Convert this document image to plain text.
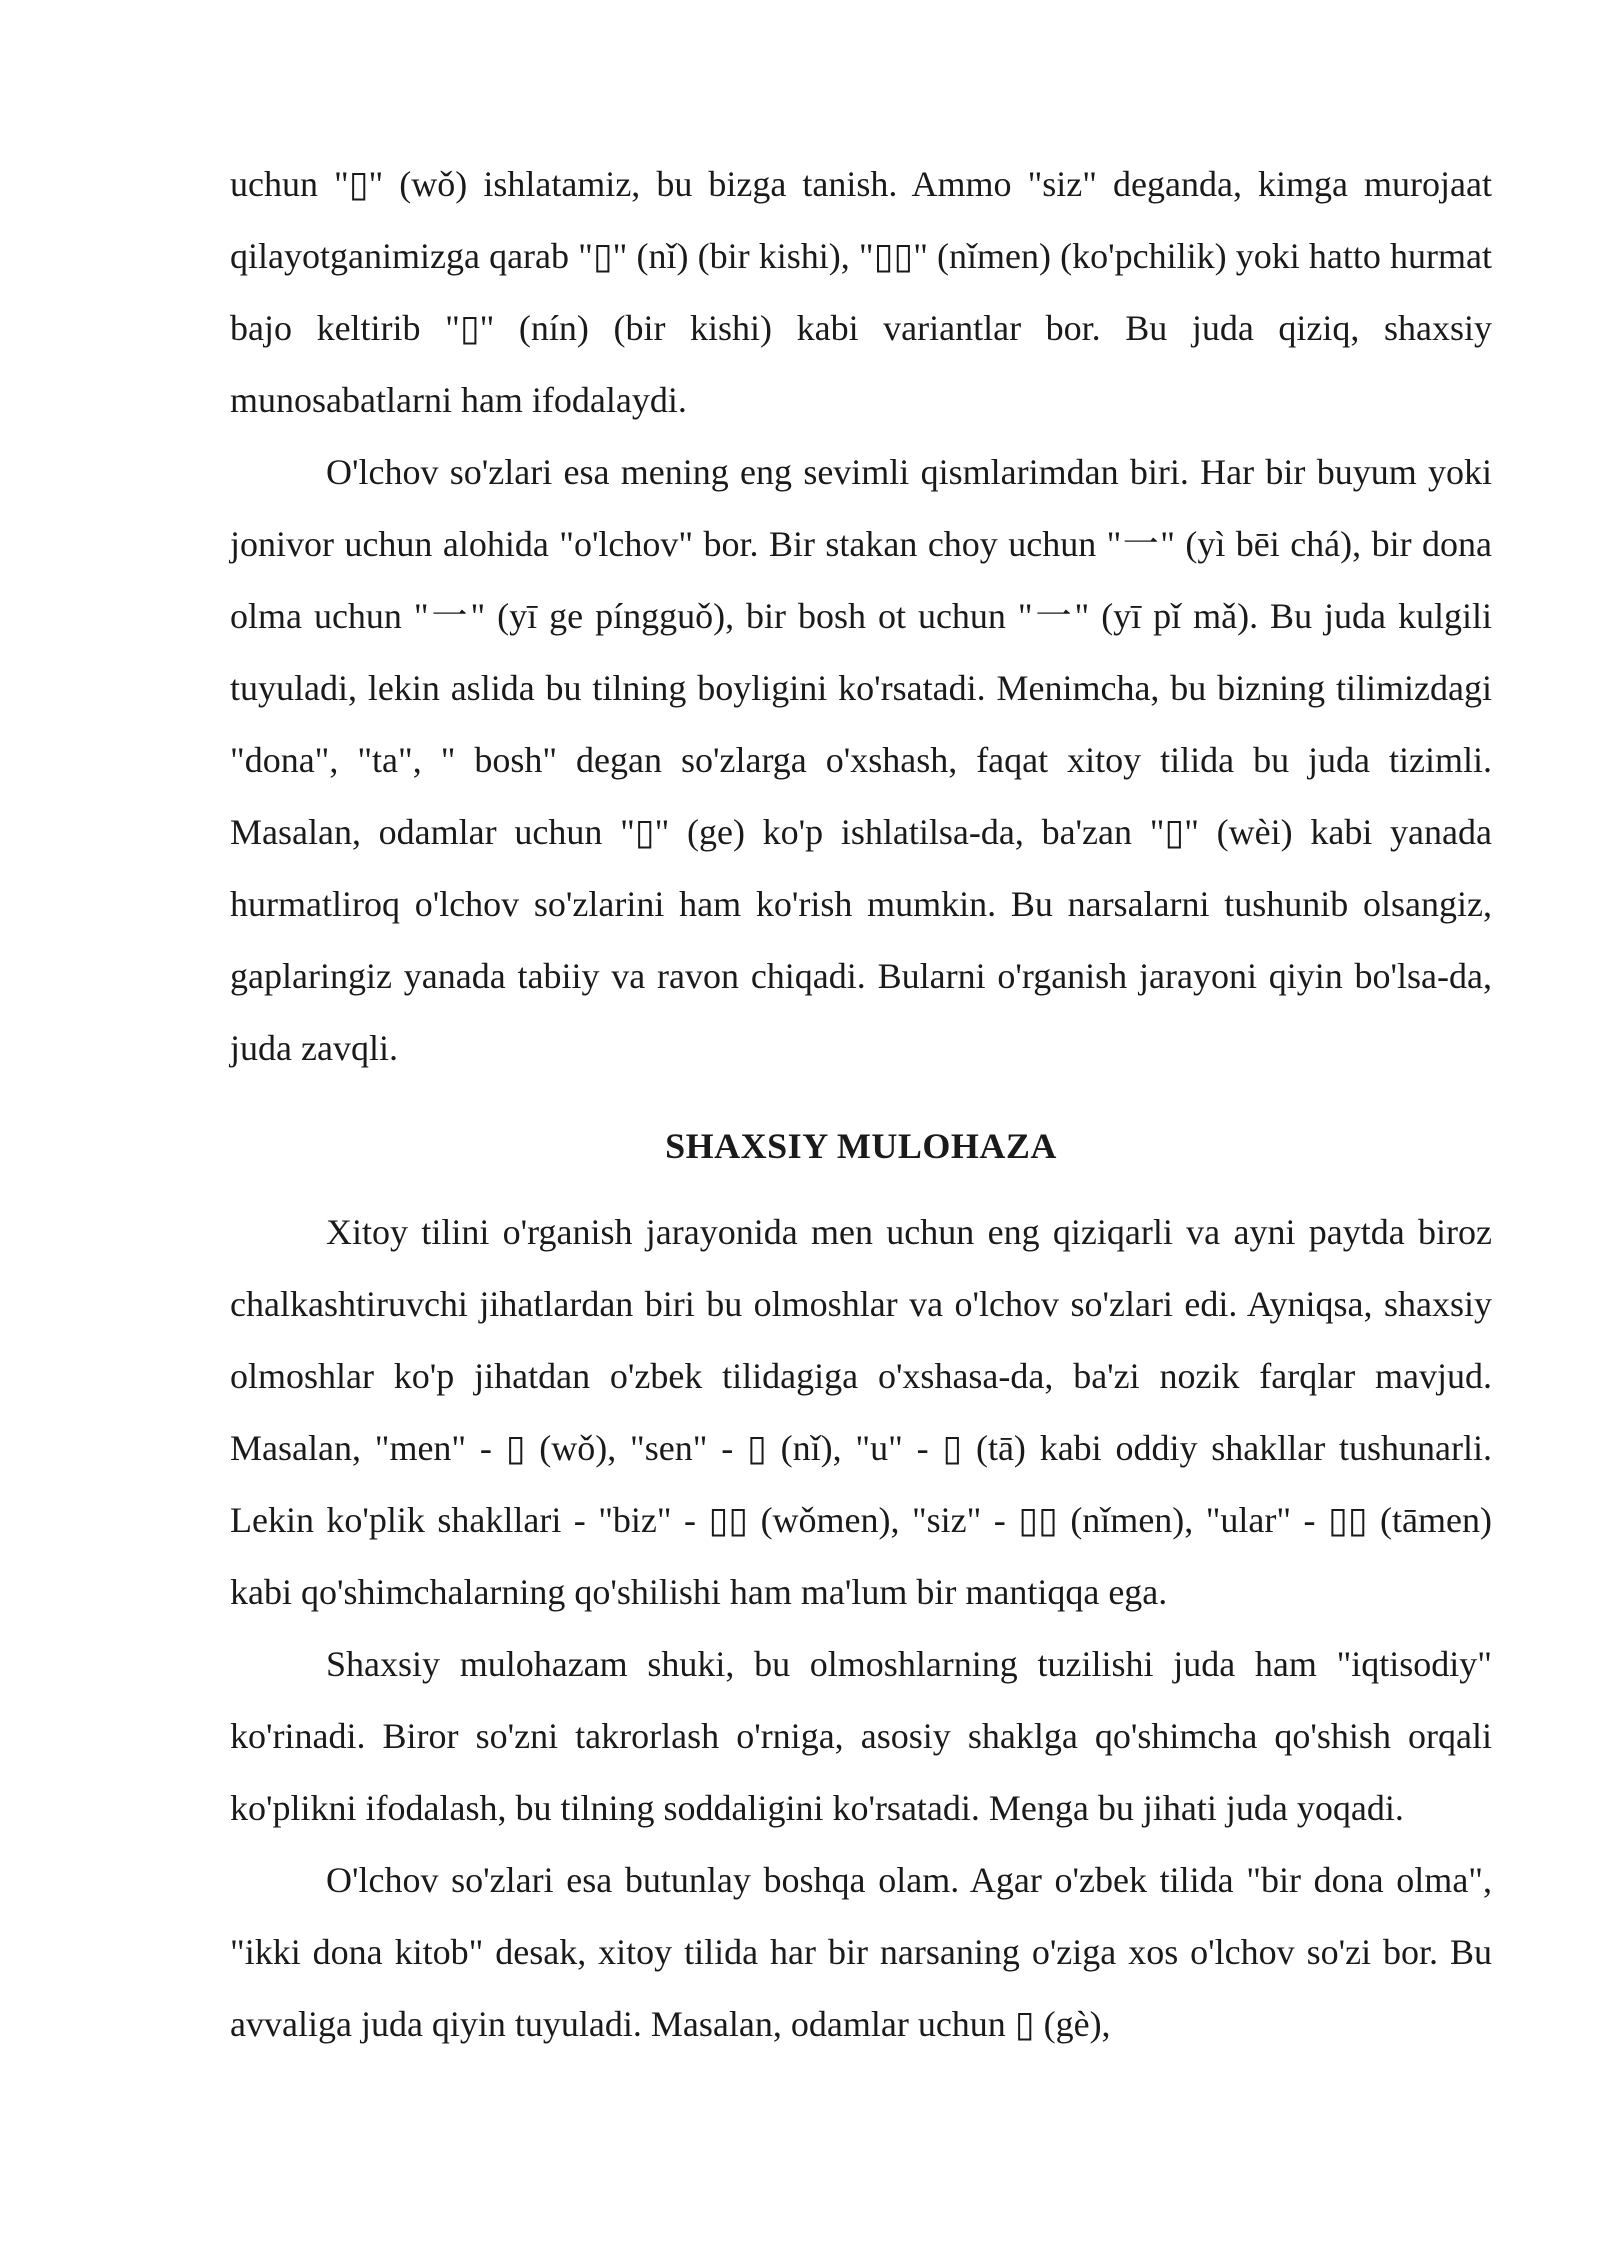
uchun "▯" (wǒ) ishlatamiz, bu bizga tanish. Ammo "siz" deganda, kimga murojaat qilayotganimizga qarab "▯" (nǐ) (bir kishi), "▯▯" (nǐmen) (ko'pchilik) yoki hatto hurmat bajo keltirib "▯" (nín) (bir kishi) kabi variantlar bor. Bu juda qiziq, shaxsiy munosabatlarni ham ifodalaydi.

O'lchov so'zlari esa mening eng sevimli qismlarimdan biri. Har bir buyum yoki jonivor uchun alohida "o'lchov" bor. Bir stakan choy uchun "一" (yì bēi chá), bir dona olma uchun "一" (yī ge píngguǒ), bir bosh ot uchun "一" (yī pǐ mǎ). Bu juda kulgili tuyuladi, lekin aslida bu tilning boyligini ko'rsatadi. Menimcha, bu bizning tilimizdagi "dona", "ta", " bosh" degan so'zlarga o'xshash, faqat xitoy tilida bu juda tizimli. Masalan, odamlar uchun "▯" (ge) ko'p ishlatilsa-da, ba'zan "▯" (wèi) kabi yanada hurmatliroq o'lchov so'zlarini ham ko'rish mumkin. Bu narsalarni tushunib olsangiz, gaplaringiz yanada tabiiy va ravon chiqadi. Bularni o'rganish jarayoni qiyin bo'lsa-da, juda zavqli.

SHAXSIY MULOHAZA

Xitoy tilini o'rganish jarayonida men uchun eng qiziqarli va ayni paytda biroz chalkashtiruvchi jihatlardan biri bu olmoshlar va o'lchov so'zlari edi. Ayniqsa, shaxsiy olmoshlar ko'p jihatdan o'zbek tilidagiga o'xshasa-da, ba'zi nozik farqlar mavjud. Masalan, "men" - ▯ (wǒ), "sen" - ▯ (nǐ), "u" - ▯ (tā) kabi oddiy shakllar tushunarli. Lekin ko'plik shakllari - "biz" - ▯▯ (wǒmen), "siz" - ▯▯ (nǐmen), "ular" - ▯▯ (tāmen) kabi qo'shimchalarning qo'shilishi ham ma'lum bir mantiqqa ega.

Shaxsiy mulohazam shuki, bu olmoshlarning tuzilishi juda ham "iqtisodiy" ko'rinadi. Biror so'zni takrorlash o'rniga, asosiy shaklga qo'shimcha qo'shish orqali ko'plikni ifodalash, bu tilning soddaligini ko'rsatadi. Menga bu jihati juda yoqadi.

O'lchov so'zlari esa butunlay boshqa olam. Agar o'zbek tilida "bir dona olma", "ikki dona kitob" desak, xitoy tilida har bir narsaning o'ziga xos o'lchov so'zi bor. Bu avvaliga juda qiyin tuyuladi. Masalan, odamlar uchun ▯ (gè),
